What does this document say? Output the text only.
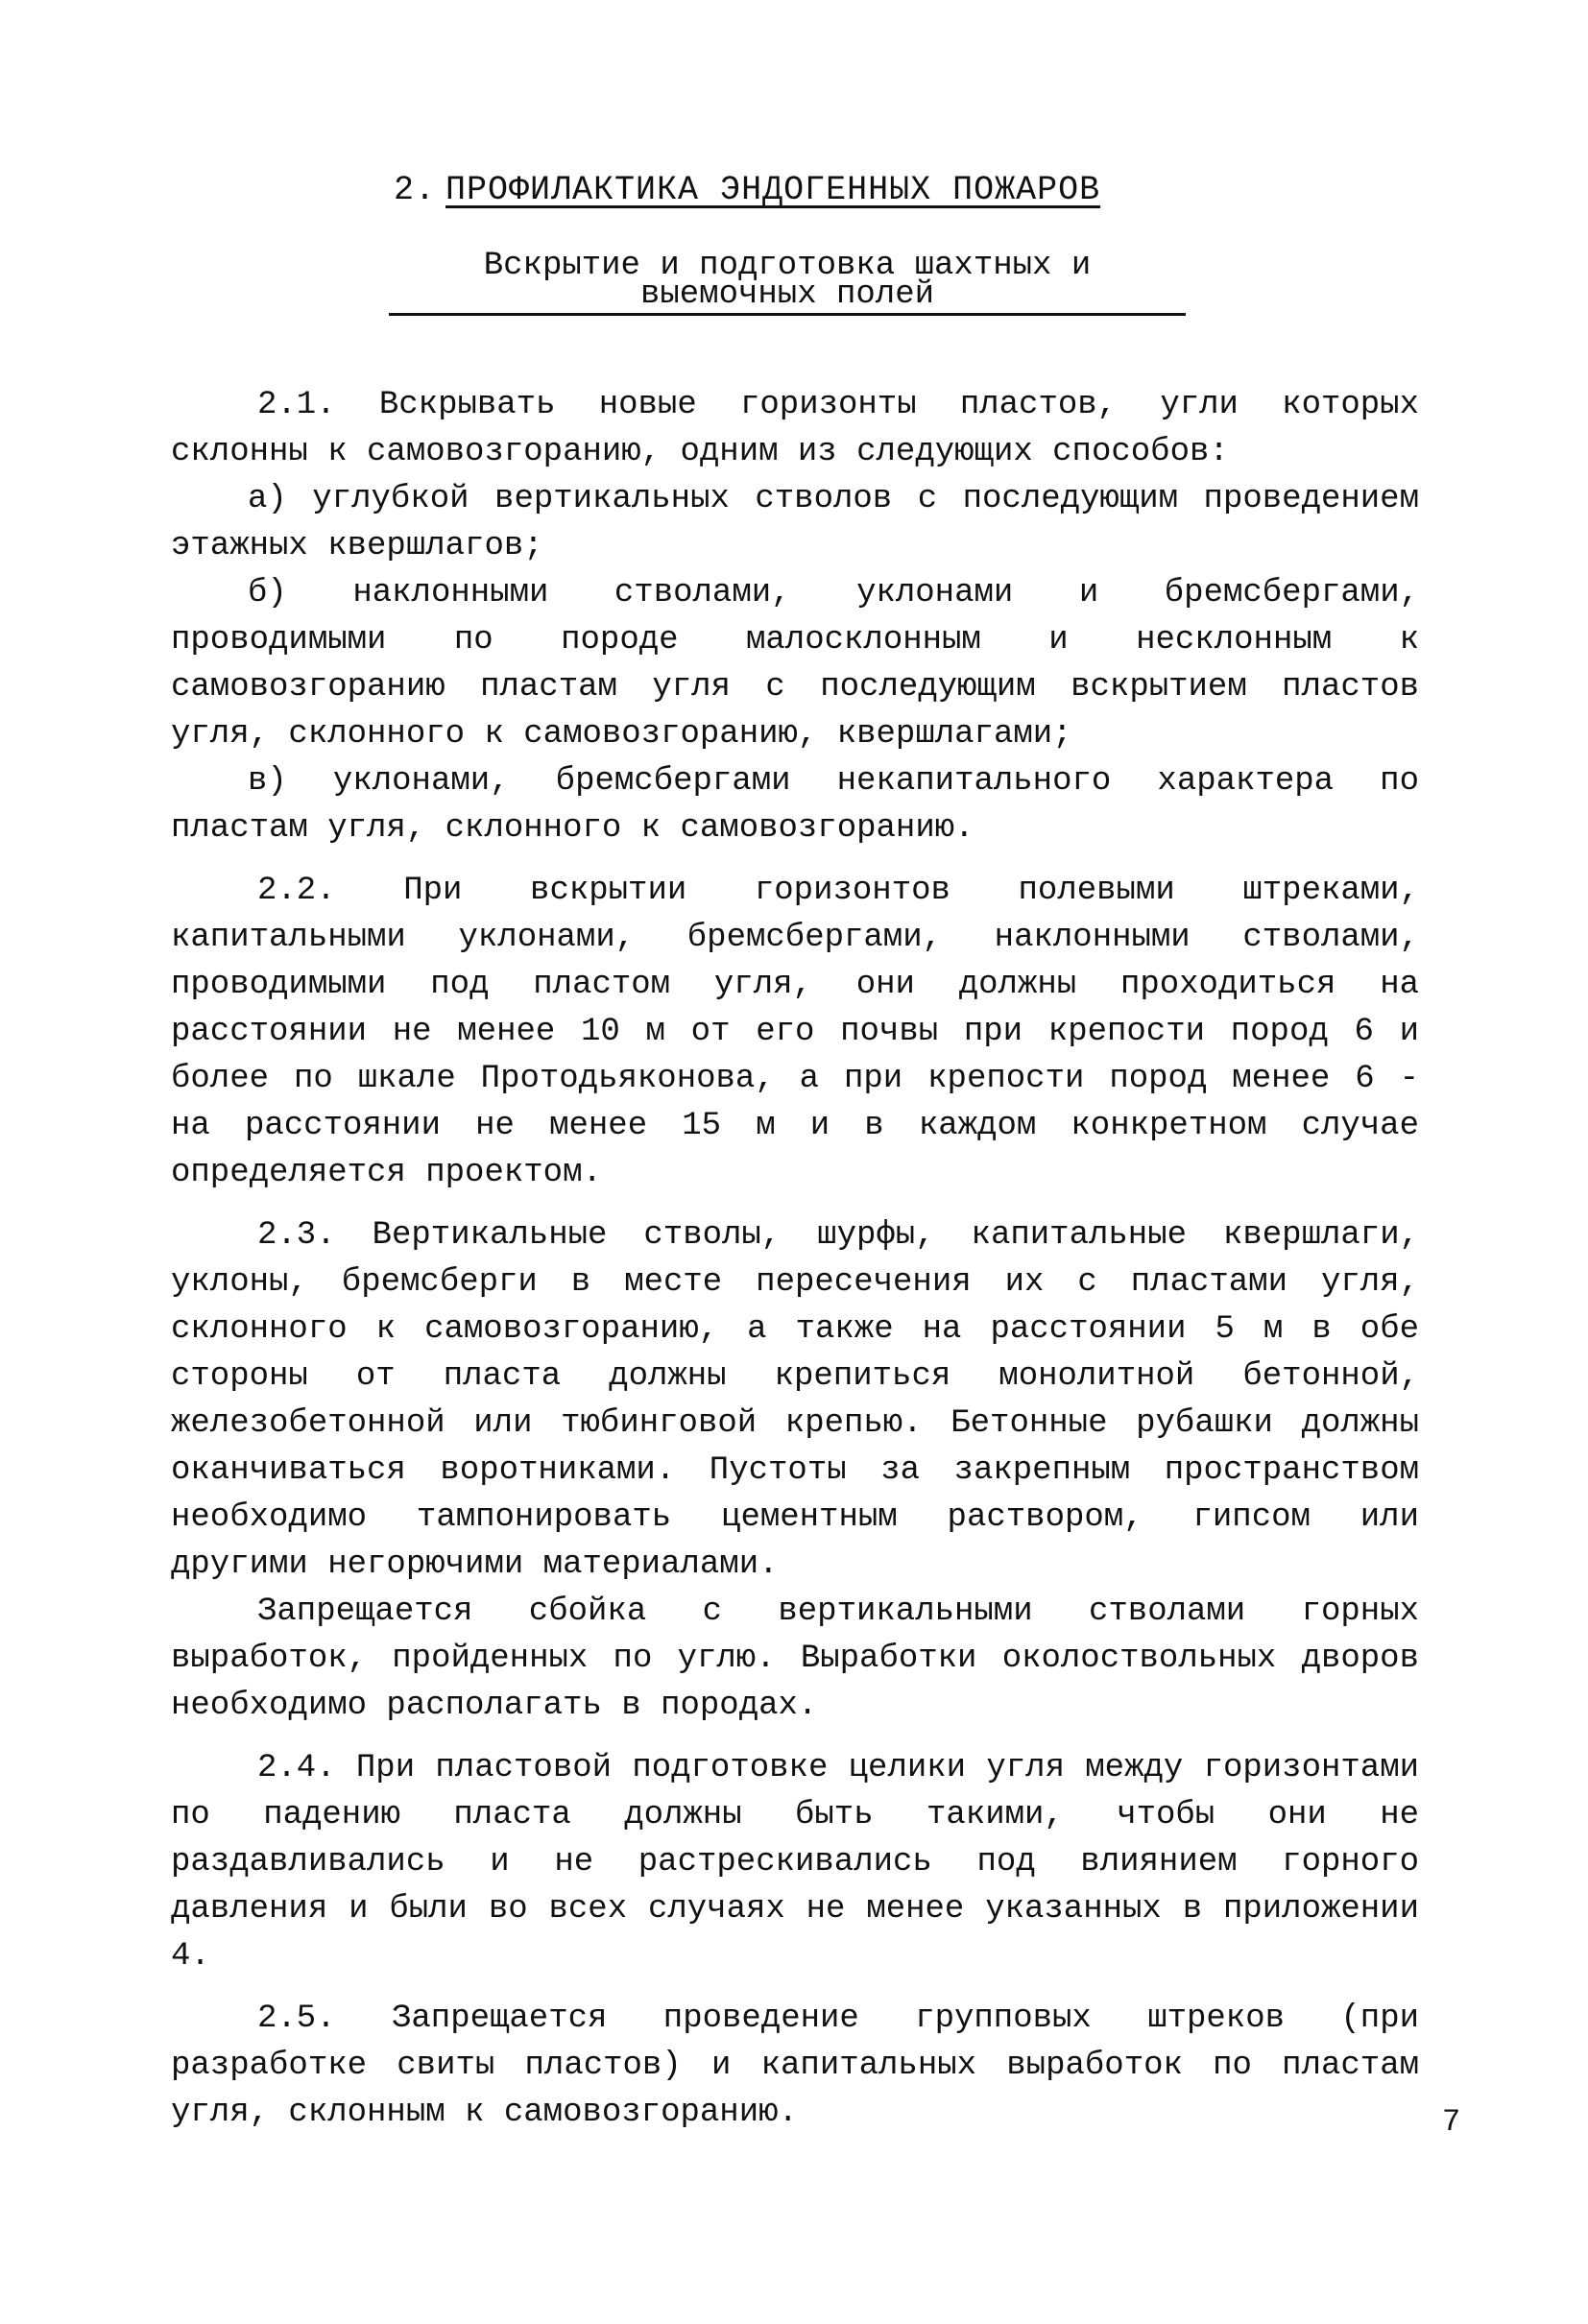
2. ПРОФИЛАКТИКА ЭНДОГЕННЫХ ПОЖАРОВ
Вскрытие и подготовка шахтных и выемочных полей

2.1. Вскрывать новые горизонты пластов, угли которых склонны к самовозгоранию, одним из следующих способов:

а) углубкой вертикальных стволов с последующим проведением этажных квершлагов;

б) наклонными стволами, уклонами и бремсбергами, проводимыми по породе малосклонным и несклонным к самовозгоранию пластам угля с последующим вскрытием пластов угля, склонного к самовозгоранию, квершлагами;

в) уклонами, бремсбергами некапитального характера по пластам угля, склонного к самовозгоранию.

2.2. При вскрытии горизонтов полевыми штреками, капитальными уклонами, бремсбергами, наклонными стволами, проводимыми под пластом угля, они должны проходиться на расстоянии не менее 10 м от его почвы при крепости пород 6 и более по шкале Протодьяконова, а при крепости пород менее 6 - на расстоянии не менее 15 м и в каждом конкретном случае определяется проектом.

2.3. Вертикальные стволы, шурфы, капитальные квершлаги, уклоны, бремсберги в месте пересечения их с пластами угля, склонного к самовозгоранию, а также на расстоянии 5 м в обе стороны от пласта должны крепиться монолитной бетонной, железобетонной или тюбинговой крепью. Бетонные рубашки должны оканчиваться воротниками. Пустоты за закрепным пространством необходимо тампонировать цементным раствором, гипсом или другими негорючими материалами.

Запрещается сбойка с вертикальными стволами горных выработок, пройденных по углю. Выработки околоствольных дворов необходимо располагать в породах.

2.4. При пластовой подготовке целики угля между горизонтами по падению пласта должны быть такими, чтобы они не раздавливались и не растрескивались под влиянием горного давления и были во всех случаях не менее указанных в приложении 4.

2.5. Запрещается проведение групповых штреков (при разработке свиты пластов) и капитальных выработок по пластам угля, склонным к самовозгоранию.	7
